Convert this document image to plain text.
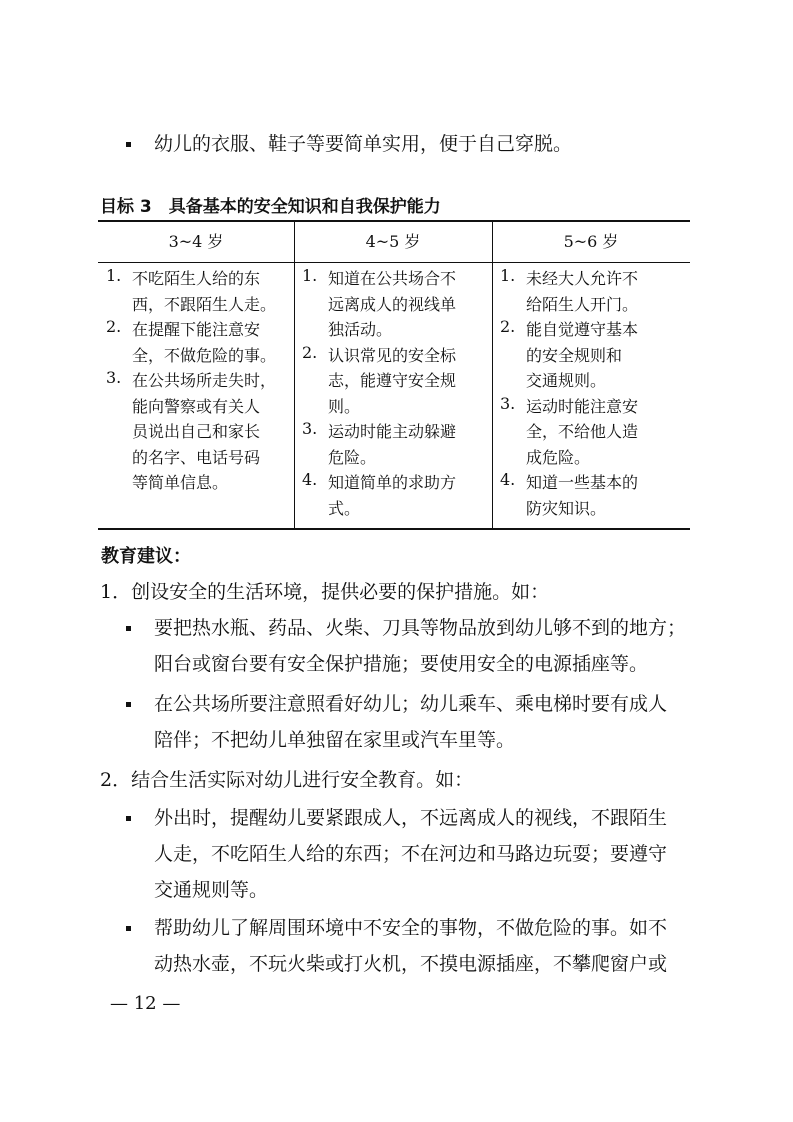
幼儿的衣服、鞋子等要简单实用，便于自己穿脱。
目标 3　具备基本的安全知识和自我保护能力
3~4 岁	4~5 岁	5~6 岁
1. 不吃陌生人给的东
西，不跟陌生人走。
2. 在提醒下能注意安
全，不做危险的事。
3. 在公共场所走失时，
能向警察或有关人
员说出自己和家长
的名字、电话号码
等简单信息。
1. 知道在公共场合不
远离成人的视线单
独活动。
2. 认识常见的安全标
志，能遵守安全规
则。
3. 运动时能主动躲避
危险。
4. 知道简单的求助方
式。
1. 未经大人允许不
给陌生人开门。
2. 能自觉遵守基本
的安全规则和
交通规则。
3. 运动时能注意安
全，不给他人造
成危险。
4. 知道一些基本的
防灾知识。
教育建议：
1．创设安全的生活环境，提供必要的保护措施。如：
要把热水瓶、药品、火柴、刀具等物品放到幼儿够不到的地方；
阳台或窗台要有安全保护措施；要使用安全的电源插座等。
在公共场所要注意照看好幼儿；幼儿乘车、乘电梯时要有成人
陪伴；不把幼儿单独留在家里或汽车里等。
2．结合生活实际对幼儿进行安全教育。如：
外出时，提醒幼儿要紧跟成人，不远离成人的视线，不跟陌生
人走，不吃陌生人给的东西；不在河边和马路边玩耍；要遵守
交通规则等。
帮助幼儿了解周围环境中不安全的事物，不做危险的事。如不
动热水壶，不玩火柴或打火机，不摸电源插座，不攀爬窗户或
— 12 —
